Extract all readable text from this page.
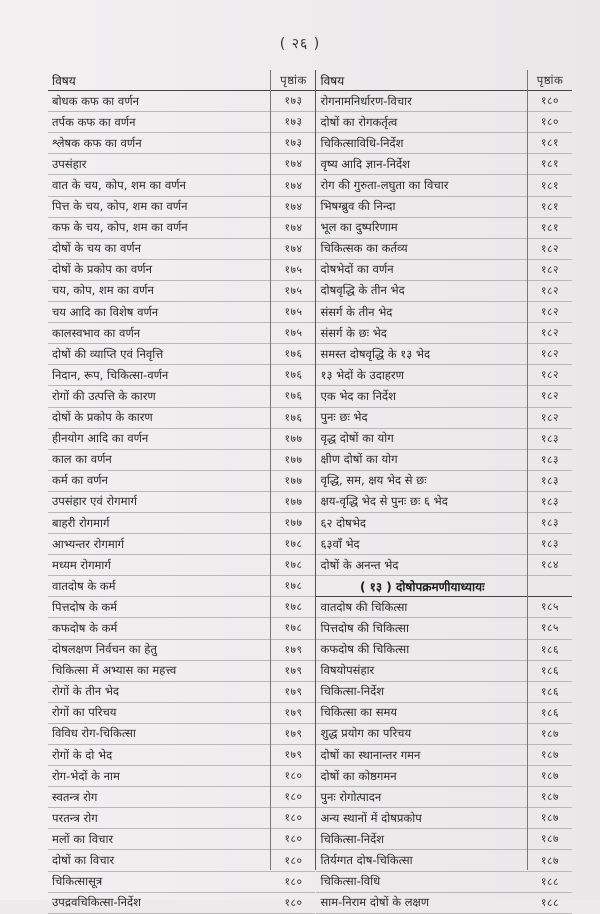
( २६ )
विषय	पृष्ठांक
बोधक कफ का वर्णन	१७३
तर्पक कफ का वर्णन	१७३
श्लेषक कफ का वर्णन	१७३
उपसंहार	१७४
वात के चय, कोप, शम का वर्णन	१७४
पित्त के चय, कोप, शम का वर्णन	१७४
कफ के चय, कोप, शम का वर्णन	१७४
दोषों के चय का वर्णन	१७४
दोषों के प्रकोप का वर्णन	१७५
चय, कोप, शम का वर्णन	१७५
चय आदि का विशेष वर्णन	१७५
कालस्वभाव का वर्णन	१७५
दोषों की व्याप्ति एवं निवृत्ति	१७६
निदान, रूप, चिकित्सा-वर्णन	१७६
रोगों की उत्पत्ति के कारण	१७६
दोषों के प्रकोप के कारण	१७६
हीनयोग आदि का वर्णन	१७७
काल का वर्णन	१७७
कर्म का वर्णन	१७७
उपसंहार एवं रोगमार्ग	१७७
बाहरी रोगमार्ग	१७७
आभ्यन्तर रोगमार्ग	१७८
मध्यम रोगमार्ग	१७८
वातदोष के कर्म	१७८
पित्तदोष के कर्म	१७८
कफदोष के कर्म	१७८
दोषलक्षण निर्वचन का हेतु	१७९
चिकित्सा में अभ्यास का महत्त्व	१७९
रोगों के तीन भेद	१७९
रोगों का परिचय	१७९
विविध रोग-चिकित्सा	१७९
रोगों के दो भेद	१७९
रोग-भेदों के नाम	१८०
स्वतन्त्र रोग	१८०
परतन्त्र रोग	१८०
मलों का विचार	१८०
दोषों का विचार	१८०
चिकित्सासूत्र	१८०
उपद्रवचिकित्सा-निर्देश	१८०
विषय	पृष्ठांक
रोगनामनिर्धारण-विचार	१८०
दोषों का रोगकर्तृत्व	१८०
चिकित्साविधि-निर्देश	१८१
वृष्य आदि ज्ञान-निर्देश	१८१
रोग की गुरुता-लघुता का विचार	१८१
भिषग्ब्रुव की निन्दा	१८१
भूल का दुष्परिणाम	१८१
चिकित्सक का कर्तव्य	१८२
दोषभेदों का वर्णन	१८२
दोषवृद्धि के तीन भेद	१८२
संसर्ग के तीन भेद	१८२
संसर्ग के छः भेद	१८२
समस्त दोषवृद्धि के १३ भेद	१८२
१३ भेदों के उदाहरण	१८२
एक भेद का निर्देश	१८२
पुनः छः भेद	१८२
वृद्ध दोषों का योग	१८३
क्षीण दोषों का योग	१८३
वृद्धि, सम, क्षय भेद से छः	१८३
क्षय-वृद्धि भेद से पुनः छः ६ भेद	१८३
६२ दोषभेद	१८३
६३वाँ भेद	१८३
दोषों के अनन्त भेद	१८४
( १३ ) दोषोपक्रमणीयाध्यायः
वातदोष की चिकित्सा	१८५
पित्तदोष की चिकित्सा	१८५
कफदोष की चिकित्सा	१८६
विषयोपसंहार	१८६
चिकित्सा-निर्देश	१८६
चिकित्सा का समय	१८६
शुद्ध प्रयोग का परिचय	१८७
दोषों का स्थानान्तर गमन	१८७
दोषों का कोष्ठगमन	१८७
पुनः रोगोत्पादन	१८७
अन्य स्थानों में दोषप्रकोप	१८७
चिकित्सा-निर्देश	१८७
तिर्यग्गत दोष-चिकित्सा	१८७
चिकित्सा-विधि	१८८
साम-निराम दोषों के लक्षण	१८८
